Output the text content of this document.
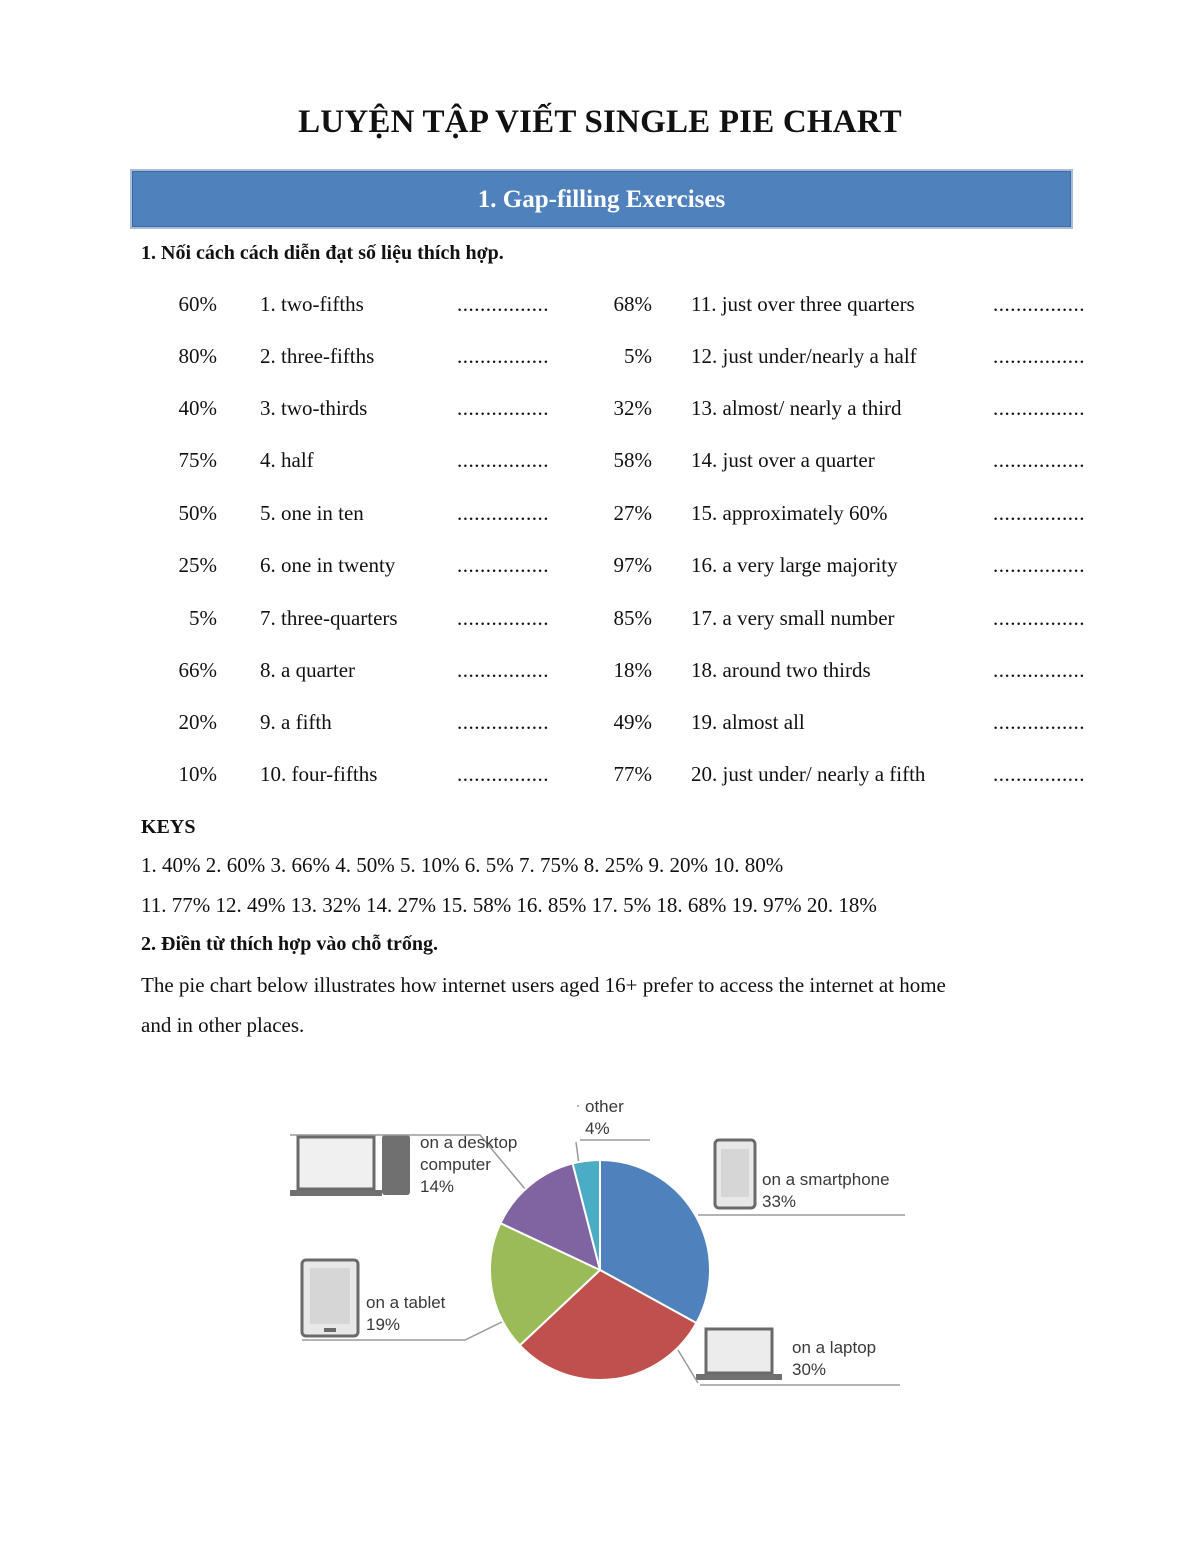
LUYỆN TẬP VIẾT SINGLE PIE CHART
1. Gap-filling Exercises
1. Nối cách cách diễn đạt số liệu thích hợp.
60% 1. two-fifths	................	68% 11. just over three quarters	................
80% 2. three-fifths	................	5% 12. just under/nearly a half	................
40% 3. two-thirds	................	32% 13. almost/ nearly a third	................
75% 4. half	................	58% 14. just over a quarter	................
50% 5. one in ten	................	27% 15. approximately 60%	................
25% 6. one in twenty	................	97% 16. a very large majority	................
5% 7. three-quarters	................	85% 17. a very small number	................
66% 8. a quarter	................	18% 18. around two thirds	................
20% 9. a fifth	................	49% 19. almost all	................
10% 10. four-fifths	................	77% 20. just under/ nearly a fifth	................
KEYS
1. 40% 2. 60% 3. 66% 4. 50% 5. 10% 6. 5% 7. 75% 8. 25% 9. 20% 10. 80%
11. 77% 12. 49% 13. 32% 14. 27% 15. 58% 16. 85% 17. 5% 18. 68% 19. 97% 20. 18%
2. Điền từ thích hợp vào chỗ trống.
The pie chart below illustrates how internet users aged 16+ prefer to access the internet at home
and in other places.
on a smartphone
33%
on a laptop
30%
on a tablet
19%
on a desktop
computer
14%
other
4%
